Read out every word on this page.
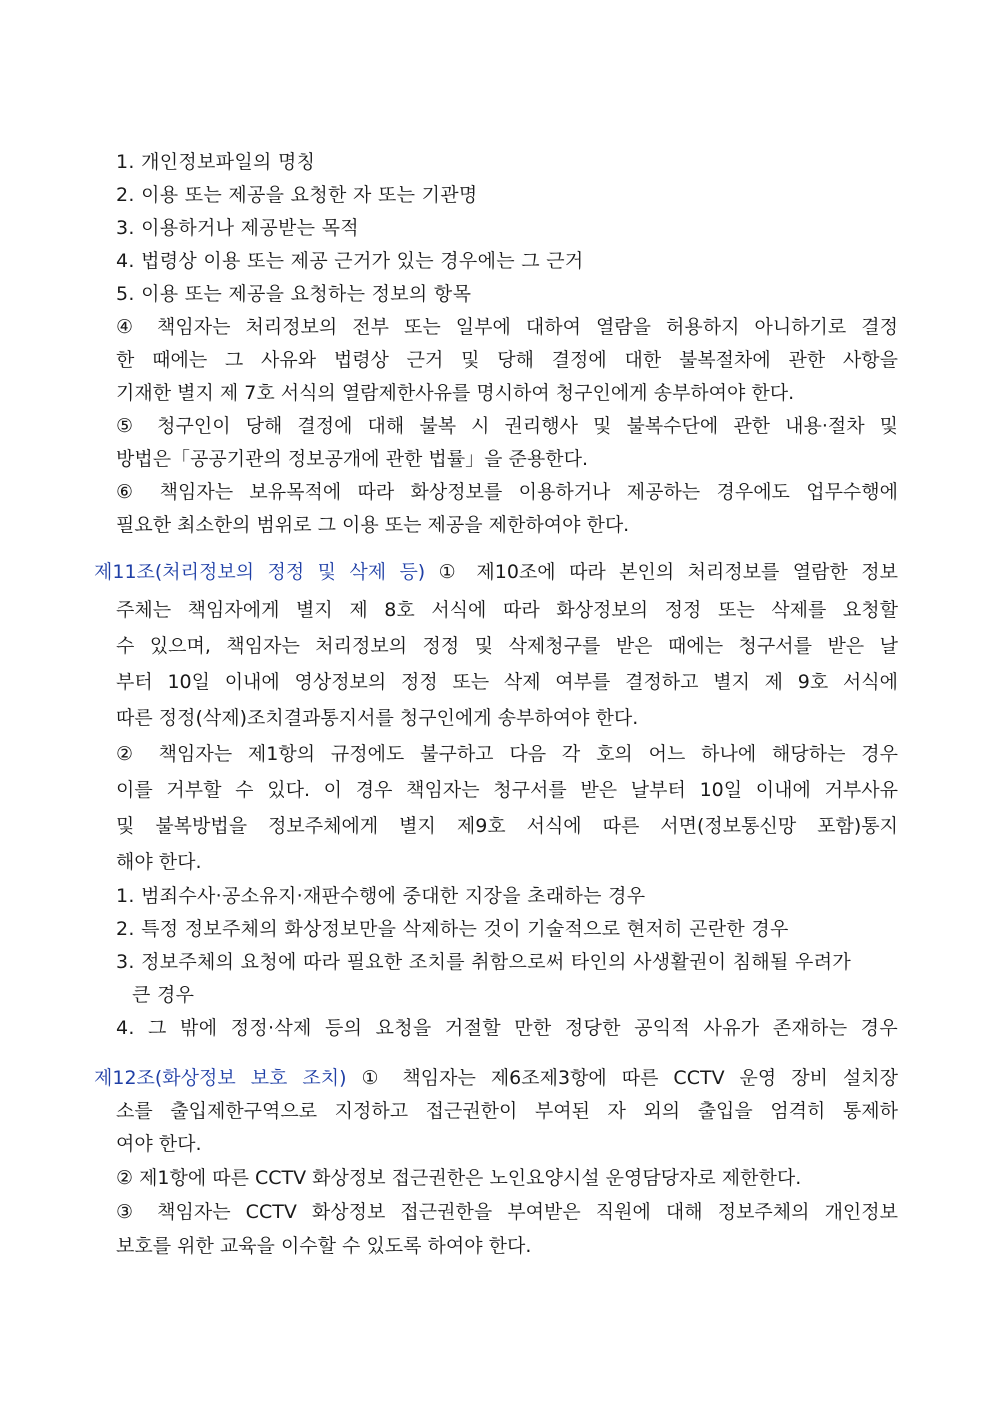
1. 개인정보파일의 명칭
2. 이용 또는 제공을 요청한 자 또는 기관명
3. 이용하거나 제공받는 목적
4. 법령상 이용 또는 제공 근거가 있는 경우에는 그 근거
5. 이용 또는 제공을 요청하는 정보의 항목
④ 책임자는 처리정보의 전부 또는 일부에 대하여 열람을 허용하지 아니하기로 결정
한 때에는 그 사유와 법령상 근거 및 당해 결정에 대한 불복절차에 관한 사항을
기재한 별지 제 7호 서식의 열람제한사유를 명시하여 청구인에게 송부하여야 한다.
⑤ 청구인이 당해 결정에 대해 불복 시 권리행사 및 불복수단에 관한 내용·절차 및
방법은「공공기관의 정보공개에 관한 법률」을 준용한다.
⑥ 책임자는 보유목적에 따라 화상정보를 이용하거나 제공하는 경우에도 업무수행에
필요한 최소한의 범위로 그 이용 또는 제공을 제한하여야 한다.
제11조(처리정보의 정정 및 삭제 등) ① 제10조에 따라 본인의 처리정보를 열람한 정보
주체는 책임자에게 별지 제 8호 서식에 따라 화상정보의 정정 또는 삭제를 요청할
수 있으며, 책임자는 처리정보의 정정 및 삭제청구를 받은 때에는 청구서를 받은 날
부터 10일 이내에 영상정보의 정정 또는 삭제 여부를 결정하고 별지 제 9호 서식에
따른 정정(삭제)조치결과통지서를 청구인에게 송부하여야 한다.
② 책임자는 제1항의 규정에도 불구하고 다음 각 호의 어느 하나에 해당하는 경우
이를 거부할 수 있다. 이 경우 책임자는 청구서를 받은 날부터 10일 이내에 거부사유
및 불복방법을 정보주체에게 별지 제9호 서식에 따른 서면(정보통신망 포함)통지
해야 한다.
1. 범죄수사·공소유지·재판수행에 중대한 지장을 초래하는 경우
2. 특정 정보주체의 화상정보만을 삭제하는 것이 기술적으로 현저히 곤란한 경우
3. 정보주체의 요청에 따라 필요한 조치를 취함으로써 타인의 사생활권이 침해될 우려가
큰 경우
4. 그 밖에 정정·삭제 등의 요청을 거절할 만한 정당한 공익적 사유가 존재하는 경우
제12조(화상정보 보호 조치) ① 책임자는 제6조제3항에 따른 CCTV 운영 장비 설치장
소를 출입제한구역으로 지정하고 접근권한이 부여된 자 외의 출입을 엄격히 통제하
여야 한다.
② 제1항에 따른 CCTV 화상정보 접근권한은 노인요양시설 운영담당자로 제한한다.
③ 책임자는 CCTV 화상정보 접근권한을 부여받은 직원에 대해 정보주체의 개인정보
보호를 위한 교육을 이수할 수 있도록 하여야 한다.
